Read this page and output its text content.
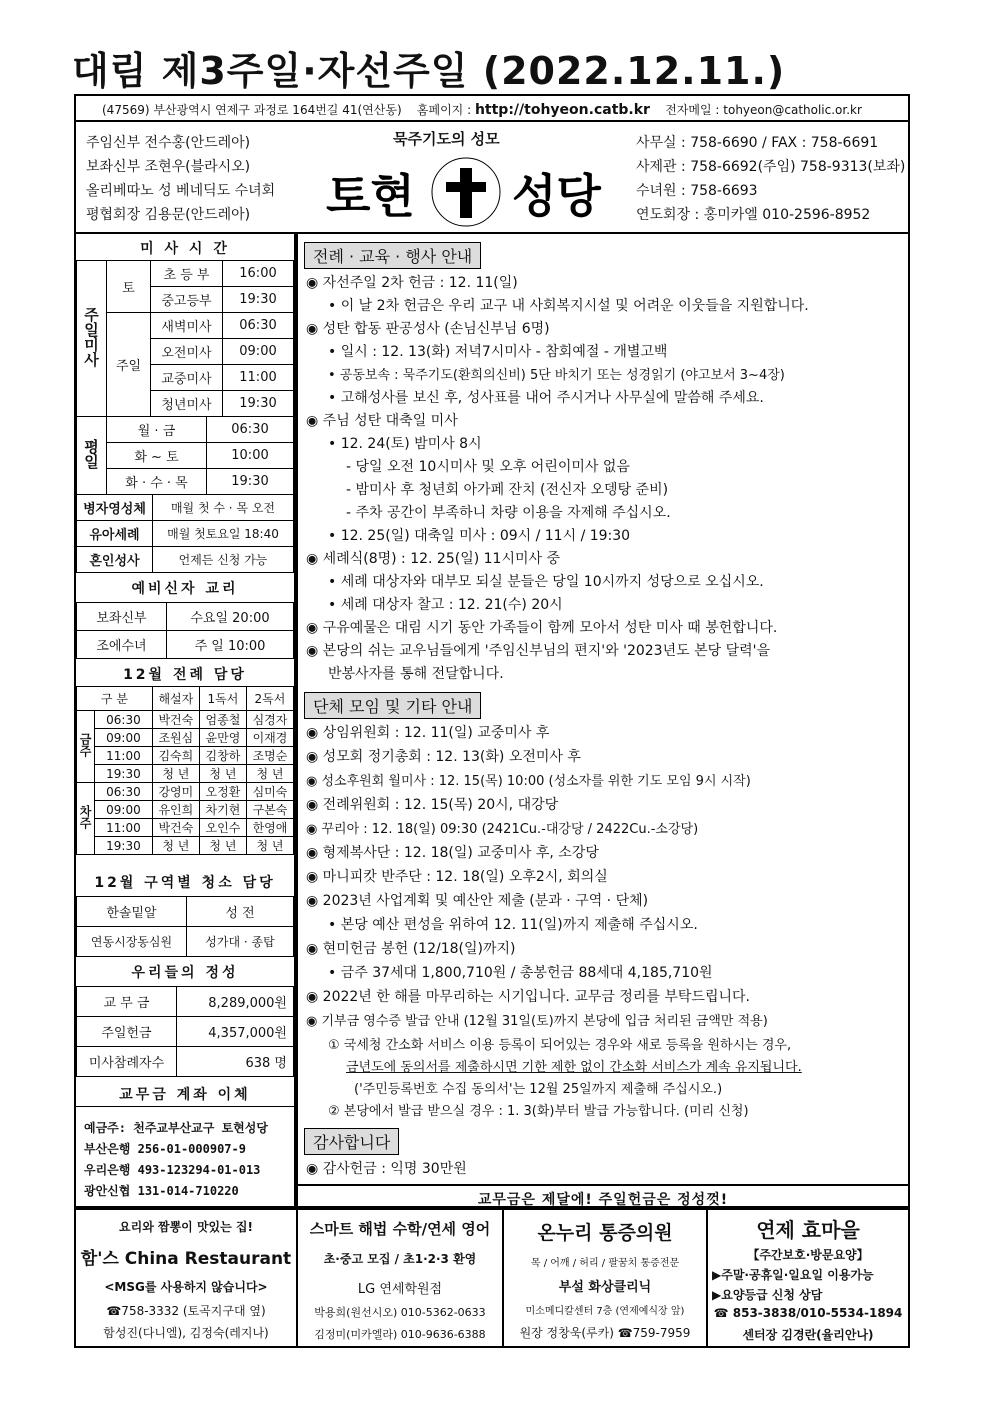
대림 제3주일·자선주일 (2022.12.11.)
(47569) 부산광역시 연제구 과정로 164번길 41(연산동) 홈페이지 : http://tohyeon.catb.kr 전자메일 : tohyeon@catholic.or.kr
주임신부 전수홍(안드레아)
보좌신부 조현우(블라시오)
올리베따노 성 베네딕도 수녀회
평협회장 김용문(안드레아)
사무실 : 758-6690 / FAX : 758-6691
사제관 : 758-6692(주임) 758-9313(보좌)
수녀원 : 758-6693
연도회장 : 홍미카엘 010-2596-8952
묵주기도의 성모
토현 성당
미 사 시 간
주일미사	토	초 등 부	16:00
		중고등부	19:30
	주일	새벽미사	06:30
		오전미사	09:00
		교중미사	11:00
		청년미사	19:30
평일	월 · 금	06:30
	화 ~ 토	10:00
	화 · 수 · 목	19:30
병자영성체	매월 첫 수 · 목 오전
유아세례	매월 첫토요일 18:40
혼인성사	언제든 신청 가능
예비신자 교리
보좌신부	수요일 20:00
조에수녀	주 일 10:00
12월 전례 담당
구 분		해설자	1독서	2독서
금주	06:30	박건숙	엄종철	심경자
	09:00	조원심	윤만영	이재경
	11:00	김숙희	김창하	조명순
	19:30	청 년	청 년	청 년
차주	06:30	강영미	오정환	심미숙
	09:00	유인희	차기현	구본숙
	11:00	박건숙	오인수	한영애
	19:30	청 년	청 년	청 년
12월 구역별 청소 담당
한솔밑알	성 전
연동시장동심원	성가대 · 종탑
우리들의 정성
교 무 금	8,289,000원
주일헌금	4,357,000원
미사참례자수	638 명
교무금 계좌 이체
예금주: 천주교부산교구 토현성당
부산은행 256-01-000907-9
우리은행 493-123294-01-013
광안신협 131-014-710220
전례 · 교육 · 행사 안내
◉ 자선주일 2차 헌금 : 12. 11(일)
• 이 날 2차 헌금은 우리 교구 내 사회복지시설 및 어려운 이웃들을 지원합니다.
◉ 성탄 합동 판공성사 (손님신부님 6명)
• 일시 : 12. 13(화) 저녁7시미사 - 참회예절 - 개별고백
• 공동보속 : 묵주기도(환희의신비) 5단 바치기 또는 성경읽기 (야고보서 3~4장)
• 고해성사를 보신 후, 성사표를 내어 주시거나 사무실에 말씀해 주세요.
◉ 주님 성탄 대축일 미사
• 12. 24(토) 밤미사 8시
- 당일 오전 10시미사 및 오후 어린이미사 없음
- 밤미사 후 청년회 아가페 잔치 (전신자 오뎅탕 준비)
- 주차 공간이 부족하니 차량 이용을 자제해 주십시오.
• 12. 25(일) 대축일 미사 : 09시 / 11시 / 19:30
◉ 세례식(8명) : 12. 25(일) 11시미사 중
• 세례 대상자와 대부모 되실 분들은 당일 10시까지 성당으로 오십시오.
• 세례 대상자 찰고 : 12. 21(수) 20시
◉ 구유예물은 대림 시기 동안 가족들이 함께 모아서 성탄 미사 때 봉헌합니다.
◉ 본당의 쉬는 교우님들에게 '주임신부님의 편지'와 '2023년도 본당 달력'을
반봉사자를 통해 전달합니다.
단체 모임 및 기타 안내
◉ 상임위원회 : 12. 11(일) 교중미사 후
◉ 성모회 정기총회 : 12. 13(화) 오전미사 후
◉ 성소후원회 월미사 : 12. 15(목) 10:00 (성소자를 위한 기도 모임 9시 시작)
◉ 전례위원회 : 12. 15(목) 20시, 대강당
◉ 꾸리아 : 12. 18(일) 09:30 (2421Cu.-대강당 / 2422Cu.-소강당)
◉ 형제복사단 : 12. 18(일) 교중미사 후, 소강당
◉ 마니피캇 반주단 : 12. 18(일) 오후2시, 회의실
◉ 2023년 사업계획 및 예산안 제출 (분과 · 구역 · 단체)
• 본당 예산 편성을 위하여 12. 11(일)까지 제출해 주십시오.
◉ 현미헌금 봉헌 (12/18(일)까지)
• 금주 37세대 1,800,710원 / 총봉헌금 88세대 4,185,710원
◉ 2022년 한 해를 마무리하는 시기입니다. 교무금 정리를 부탁드립니다.
◉ 기부금 영수증 발급 안내 (12월 31일(토)까지 본당에 입금 처리된 금액만 적용)
① 국세청 간소화 서비스 이용 등록이 되어있는 경우와 새로 등록을 원하시는 경우,
금년도에 동의서를 제출하시면 기한 제한 없이 간소화 서비스가 계속 유지됩니다.
('주민등록번호 수집 동의서'는 12월 25일까지 제출해 주십시오.)
② 본당에서 발급 받으실 경우 : 1. 3(화)부터 발급 가능합니다. (미리 신청)
감사합니다
◉ 감사헌금 : 익명 30만원
교무금은 제달에! 주일헌금은 정성껏!
요리와 짬뽕이 맛있는 집!
함'스 China Restaurant
<MSG를 사용하지 않습니다>
☎758-3332 (토곡지구대 옆)
함성진(다니엘), 김정숙(레지나)
스마트 해법 수학/연세 영어
초·중고 모집 / 초1·2·3 환영
LG 연세학원점
박용희(원선시오) 010-5362-0633
김정미(미카엘라) 010-9636-6388
온누리 통증의원
목 / 어깨 / 허리 / 팔꿈치 통증전문
부설 화상클리닉
미소메디칼센터 7층 (연제예식장 앞)
원장 정창욱(루카) ☎759-7959
연제 효마을
【주간보호·방문요양】
▶주말·공휴일·일요일 이용가능
▶요양등급 신청 상담
☎ 853-3838/010-5534-1894
센터장 김경란(율리안나)
